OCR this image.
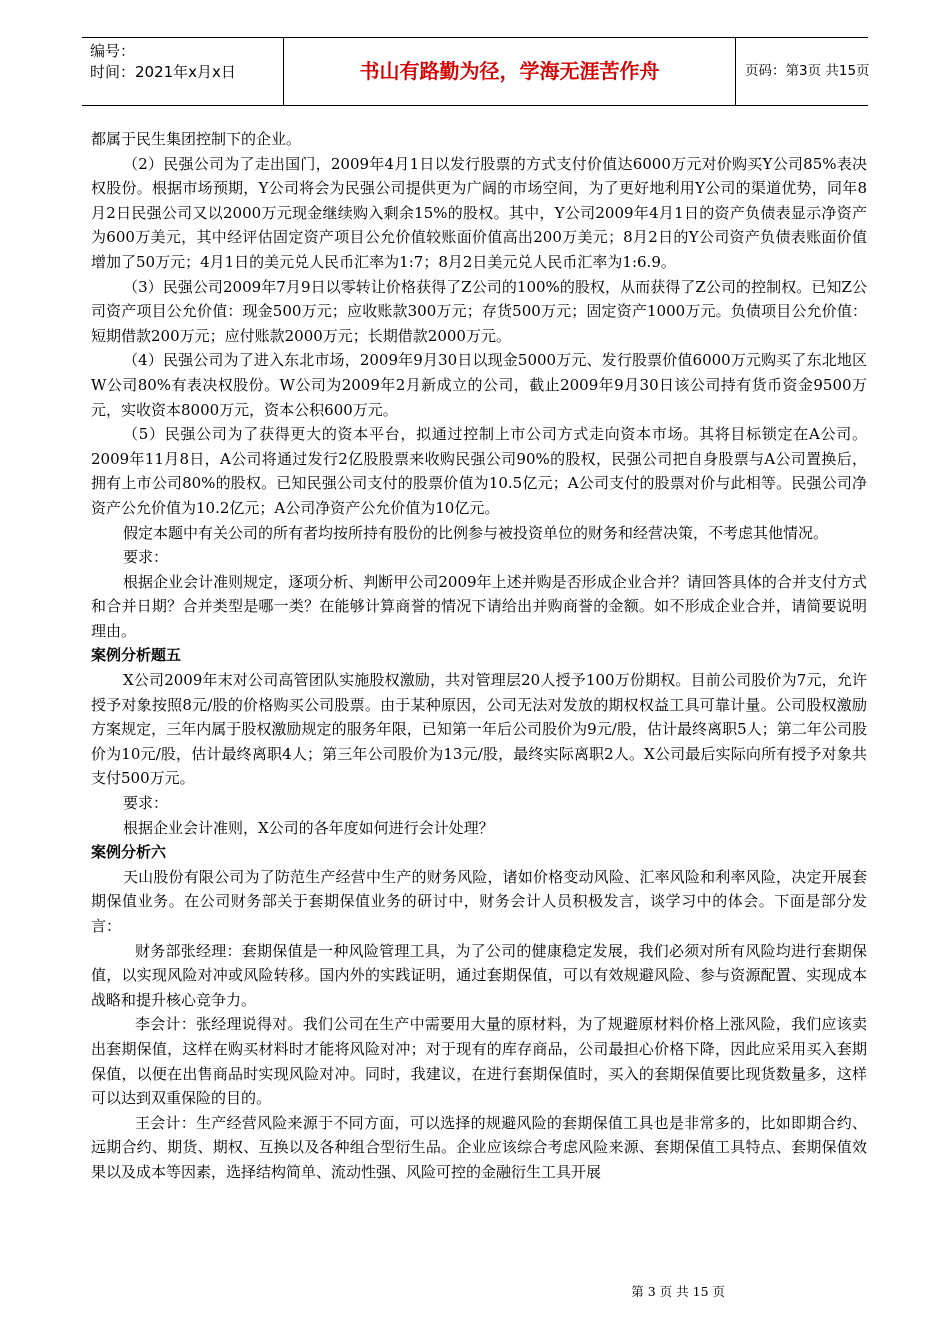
编号：
时间：2021年x月x日	书山有路勤为径，学海无涯苦作舟	页码：第3页 共15页

都属于民生集团控制下的企业。

（2）民强公司为了走出国门，2009年4月1日以发行股票的方式支付价值达6000万元对价购买Y公司85%表决权股份。根据市场预期，Y公司将会为民强公司提供更为广阔的市场空间，为了更好地利用Y公司的渠道优势，同年8月2日民强公司又以2000万元现金继续购入剩余15%的股权。其中，Y公司2009年4月1日的资产负债表显示净资产为600万美元，其中经评估固定资产项目公允价值较账面价值高出200万美元；8月2日的Y公司资产负债表账面价值增加了50万元；4月1日的美元兑人民币汇率为1:7；8月2日美元兑人民币汇率为1:6.9。

（3）民强公司2009年7月9日以零转让价格获得了Z公司的100%的股权，从而获得了Z公司的控制权。已知Z公司资产项目公允价值：现金500万元；应收账款300万元；存货500万元；固定资产1000万元。负债项目公允价值：短期借款200万元；应付账款2000万元；长期借款2000万元。

（4）民强公司为了进入东北市场，2009年9月30日以现金5000万元、发行股票价值6000万元购买了东北地区W公司80%有表决权股份。W公司为2009年2月新成立的公司，截止2009年9月30日该公司持有货币资金9500万元，实收资本8000万元，资本公积600万元。

（5）民强公司为了获得更大的资本平台，拟通过控制上市公司方式走向资本市场。其将目标锁定在A公司。2009年11月8日，A公司将通过发行2亿股股票来收购民强公司90%的股权，民强公司把自身股票与A公司置换后，拥有上市公司80%的股权。已知民强公司支付的股票价值为10.5亿元；A公司支付的股票对价与此相等。民强公司净资产公允价值为10.2亿元；A公司净资产公允价值为10亿元。

假定本题中有关公司的所有者均按所持有股份的比例参与被投资单位的财务和经营决策，不考虑其他情况。

要求：

根据企业会计准则规定，逐项分析、判断甲公司2009年上述并购是否形成企业合并？请回答具体的合并支付方式和合并日期？合并类型是哪一类？在能够计算商誉的情况下请给出并购商誉的金额。如不形成企业合并，请简要说明理由。

案例分析题五

X公司2009年末对公司高管团队实施股权激励，共对管理层20人授予100万份期权。目前公司股价为7元，允许授予对象按照8元/股的价格购买公司股票。由于某种原因，公司无法对发放的期权权益工具可靠计量。公司股权激励方案规定，三年内属于股权激励规定的服务年限，已知第一年后公司股价为9元/股，估计最终离职5人；第二年公司股价为10元/股，估计最终离职4人；第三年公司股价为13元/股，最终实际离职2人。X公司最后实际向所有授予对象共支付500万元。

要求：

根据企业会计准则，X公司的各年度如何进行会计处理？

案例分析六

天山股份有限公司为了防范生产经营中生产的财务风险，诸如价格变动风险、汇率风险和利率风险，决定开展套期保值业务。在公司财务部关于套期保值业务的研讨中，财务会计人员积极发言，谈学习中的体会。下面是部分发言：

财务部张经理：套期保值是一种风险管理工具，为了公司的健康稳定发展，我们必须对所有风险均进行套期保值，以实现风险对冲或风险转移。国内外的实践证明，通过套期保值，可以有效规避风险、参与资源配置、实现成本战略和提升核心竞争力。

李会计：张经理说得对。我们公司在生产中需要用大量的原材料，为了规避原材料价格上涨风险，我们应该卖出套期保值，这样在购买材料时才能将风险对冲；对于现有的库存商品，公司最担心价格下降，因此应采用买入套期保值，以便在出售商品时实现风险对冲。同时，我建议，在进行套期保值时，买入的套期保值要比现货数量多，这样可以达到双重保险的目的。

王会计：生产经营风险来源于不同方面，可以选择的规避风险的套期保值工具也是非常多的，比如即期合约、远期合约、期货、期权、互换以及各种组合型衍生品。企业应该综合考虑风险来源、套期保值工具特点、套期保值效果以及成本等因素，选择结构简单、流动性强、风险可控的金融衍生工具开展

第 3 页 共 15 页
